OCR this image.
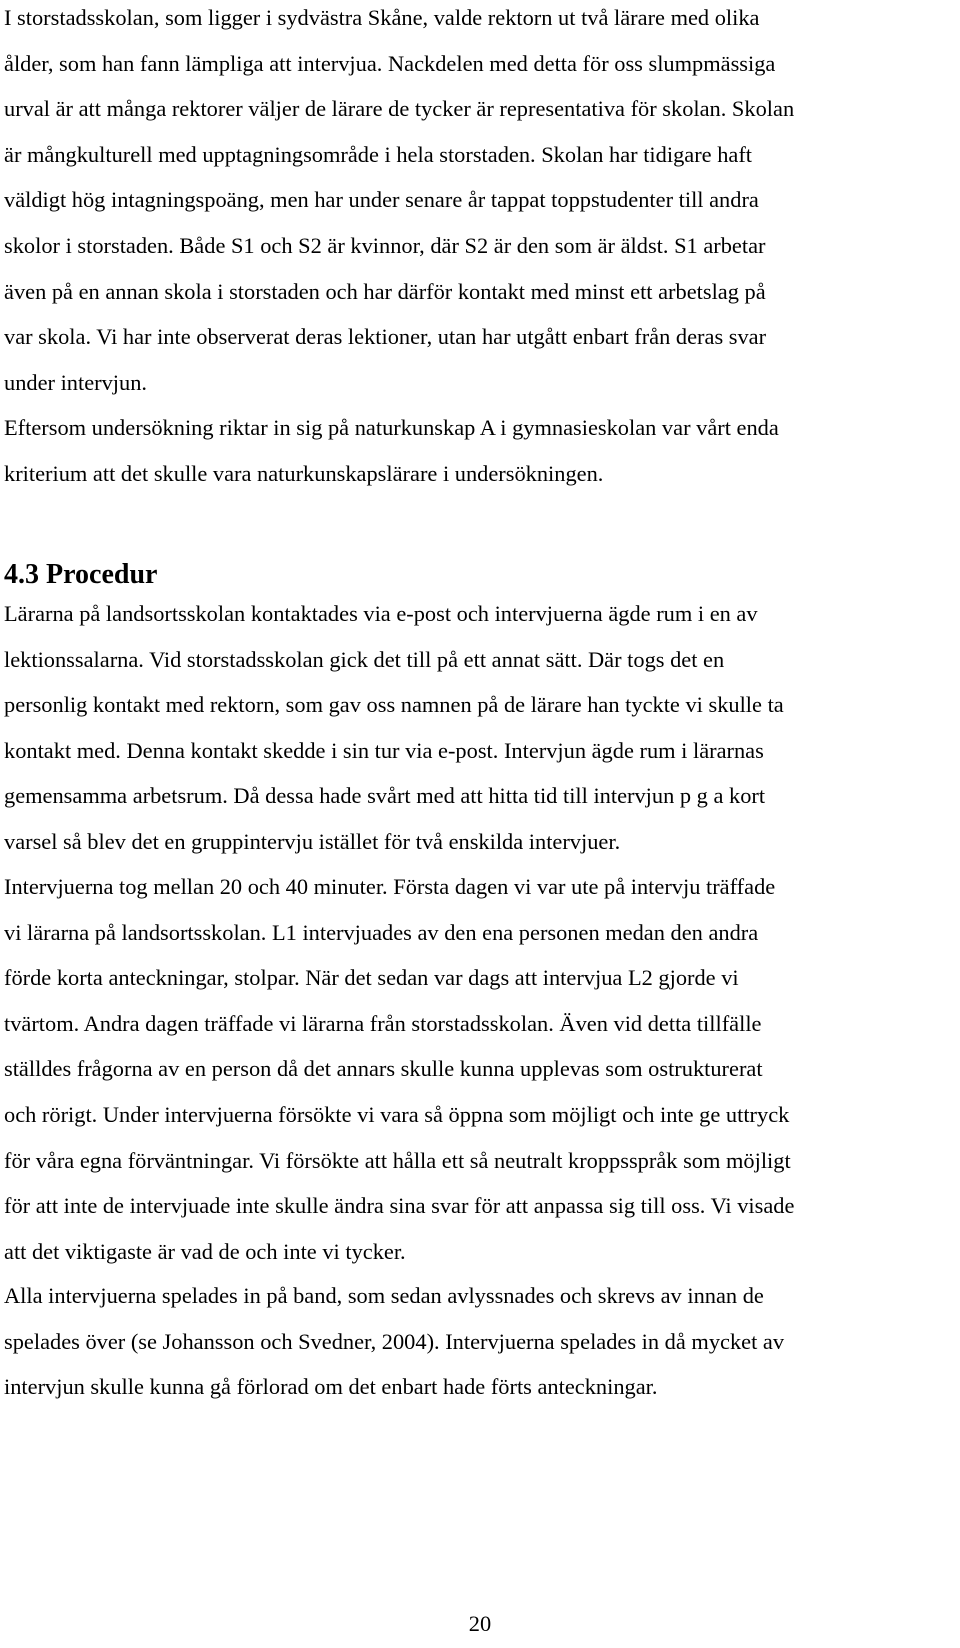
I storstadsskolan, som ligger i sydvästra Skåne, valde rektorn ut två lärare med olika
ålder, som han fann lämpliga att intervjua. Nackdelen med detta för oss slumpmässiga
urval är att många rektorer väljer de lärare de tycker är representativa för skolan. Skolan
är mångkulturell med upptagningsområde i hela storstaden. Skolan har tidigare haft
väldigt hög intagningspoäng, men har under senare år tappat toppstudenter till andra
skolor i storstaden. Både S1 och S2 är kvinnor, där S2 är den som är äldst. S1 arbetar
även på en annan skola i storstaden och har därför kontakt med minst ett arbetslag på
var skola. Vi har inte observerat deras lektioner, utan har utgått enbart från deras svar
under intervjun.

Eftersom undersökning riktar in sig på naturkunskap A i gymnasieskolan var vårt enda
kriterium att det skulle vara naturkunskapslärare i undersökningen.

4.3 Procedur

Lärarna på landsortsskolan kontaktades via e-post och intervjuerna ägde rum i en av
lektionssalarna. Vid storstadsskolan gick det till på ett annat sätt. Där togs det en
personlig kontakt med rektorn, som gav oss namnen på de lärare han tyckte vi skulle ta
kontakt med. Denna kontakt skedde i sin tur via e-post. Intervjun ägde rum i lärarnas
gemensamma arbetsrum. Då dessa hade svårt med att hitta tid till intervjun p g a kort
varsel så blev det en gruppintervju istället för två enskilda intervjuer.

Intervjuerna tog mellan 20 och 40 minuter. Första dagen vi var ute på intervju träffade
vi lärarna på landsortsskolan. L1 intervjuades av den ena personen medan den andra
förde korta anteckningar, stolpar. När det sedan var dags att intervjua L2 gjorde vi
tvärtom. Andra dagen träffade vi lärarna från storstadsskolan. Även vid detta tillfälle
ställdes frågorna av en person då det annars skulle kunna upplevas som ostrukturerat
och rörigt. Under intervjuerna försökte vi vara så öppna som möjligt och inte ge uttryck
för våra egna förväntningar. Vi försökte att hålla ett så neutralt kroppsspråk som möjligt
för att inte de intervjuade inte skulle ändra sina svar för att anpassa sig till oss. Vi visade
att det viktigaste är vad de och inte vi tycker.

Alla intervjuerna spelades in på band, som sedan avlyssnades och skrevs av innan de
spelades över (se Johansson och Svedner, 2004). Intervjuerna spelades in då mycket av
intervjun skulle kunna gå förlorad om det enbart hade förts anteckningar.

20
